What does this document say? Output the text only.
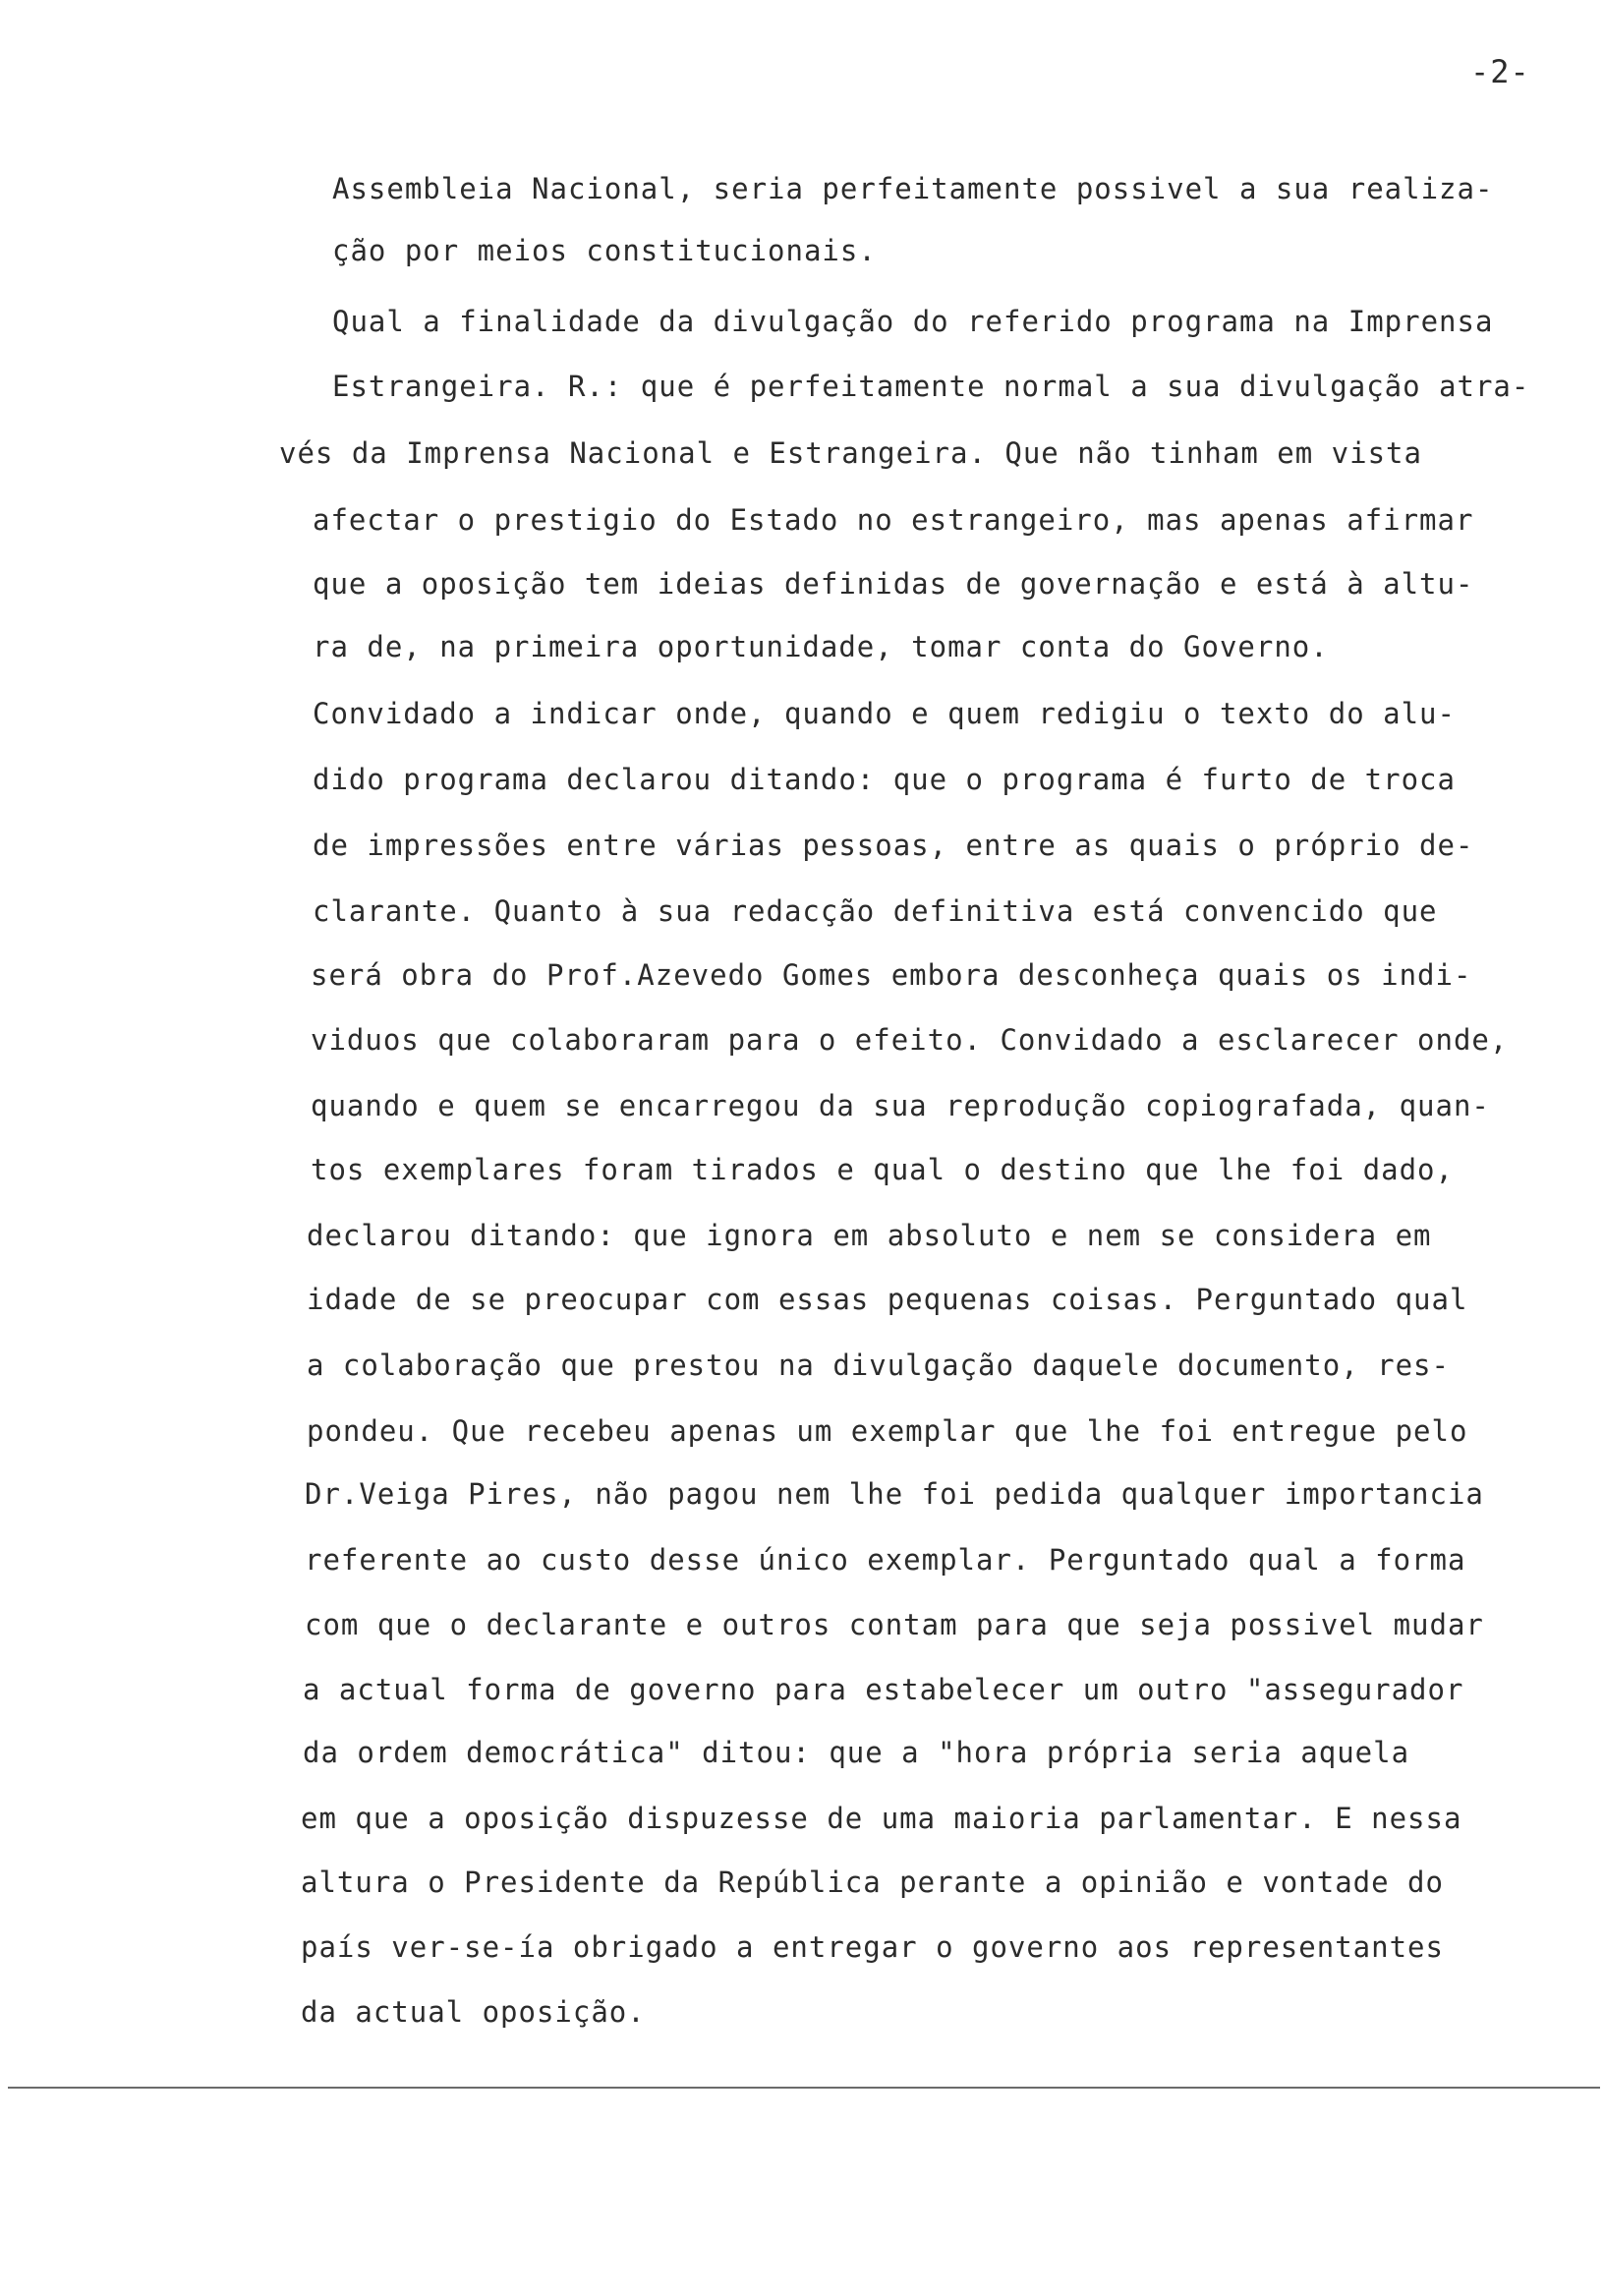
-2-
Assembleia Nacional, seria perfeitamente possivel a sua realiza-
ção por meios constitucionais.
Qual a finalidade da divulgação do referido programa na Imprensa
Estrangeira. R.: que é perfeitamente normal a sua divulgação atra-
vés da Imprensa Nacional e Estrangeira. Que não tinham em vista
afectar o prestigio do Estado no estrangeiro, mas apenas afirmar
que a oposição tem ideias definidas de governação e está à altu-
ra de, na primeira oportunidade, tomar conta do Governo.
Convidado a indicar onde, quando e quem redigiu o texto do alu-
dido programa declarou ditando: que o programa é furto de troca
de impressões entre várias pessoas, entre as quais o próprio de-
clarante. Quanto à sua redacção definitiva está convencido que
será obra do Prof.Azevedo Gomes embora desconheça quais os indi-
viduos que colaboraram para o efeito. Convidado a esclarecer onde,
quando e quem se encarregou da sua reprodução copiografada, quan-
tos exemplares foram tirados e qual o destino que lhe foi dado,
declarou ditando: que ignora em absoluto e nem se considera em
idade de se preocupar com essas pequenas coisas. Perguntado qual
a colaboração que prestou na divulgação daquele documento, res-
pondeu. Que recebeu apenas um exemplar que lhe foi entregue pelo
Dr.Veiga Pires, não pagou nem lhe foi pedida qualquer importancia
referente ao custo desse único exemplar. Perguntado qual a forma
com que o declarante e outros contam para que seja possivel mudar
a actual forma de governo para estabelecer um outro "assegurador
da ordem democrática" ditou: que a "hora própria seria aquela
em que a oposição dispuzesse de uma maioria parlamentar. E nessa
altura o Presidente da República perante a opinião e vontade do
país ver-se-ía obrigado a entregar o governo aos representantes
da actual oposição.
